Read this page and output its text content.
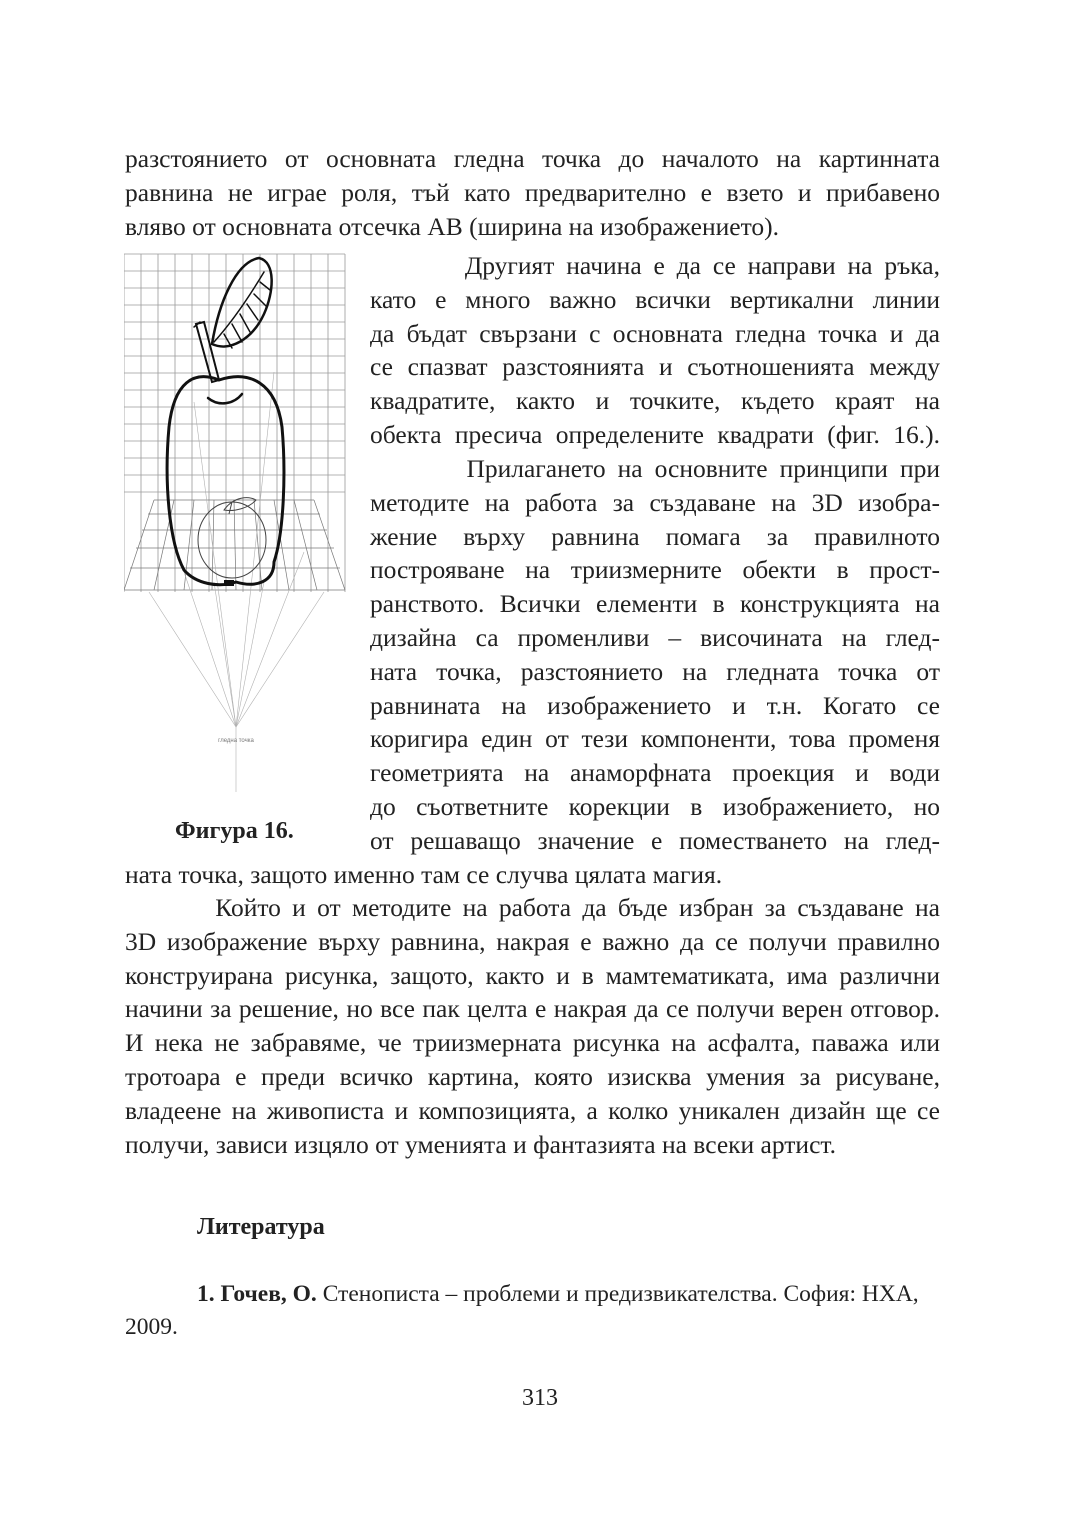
разстоянието от основната гледна точка до началото на картинната
равнина не играе роля, тъй като предварително е взето и прибавено
вляво от основната отсечка АВ (ширина на изображението).
гледна точка
Фигура 16.
Другият начина е да се направи на ръка,
като е много важно всички вертикални линии
да бъдат свързани с основната гледна точка и да
се спазват разстоянията и съотношенията между
квадратите, както и точките, където краят на
обекта пресича определените квадрати (фиг. 16.).
Прилагането на основните принципи при
методите на работа за създаване на 3D изобра-
жение върху равнина помага за правилното
построяване на триизмерните обекти в прост-
ранството. Всички елементи в конструкцията на
дизайна са променливи – височината на глед-
ната точка, разстоянието на гледната точка от
равнината на изображението и т.н. Когато се
коригира един от тези компоненти, това променя
геометрията на анаморфната проекция и води
до съответните корекции в изображението, но
от решаващо значение е поместването на глед-
ната точка, защото именно там се случва цялата магия.
Който и от методите на работа да бъде избран за създаване на
3D изображение върху равнина, накрая е важно да се получи правилно
конструирана рисунка, защото, както и в мамтематиката, има различни
начини за решение, но все пак целта е накрая да се получи верен отговор.
И нека не забравяме, че триизмерната рисунка на асфалта, паважа или
тротоара е преди всичко картина, която изисква умения за рисуване,
владеене на живописта и композицията, а колко уникален дизайн ще се
получи, зависи изцяло от уменията и фантазията на всеки артист.
Литература
1. Гочев, О. Стенописта – проблеми и предизвикателства. София: НХА,
2009.
313
